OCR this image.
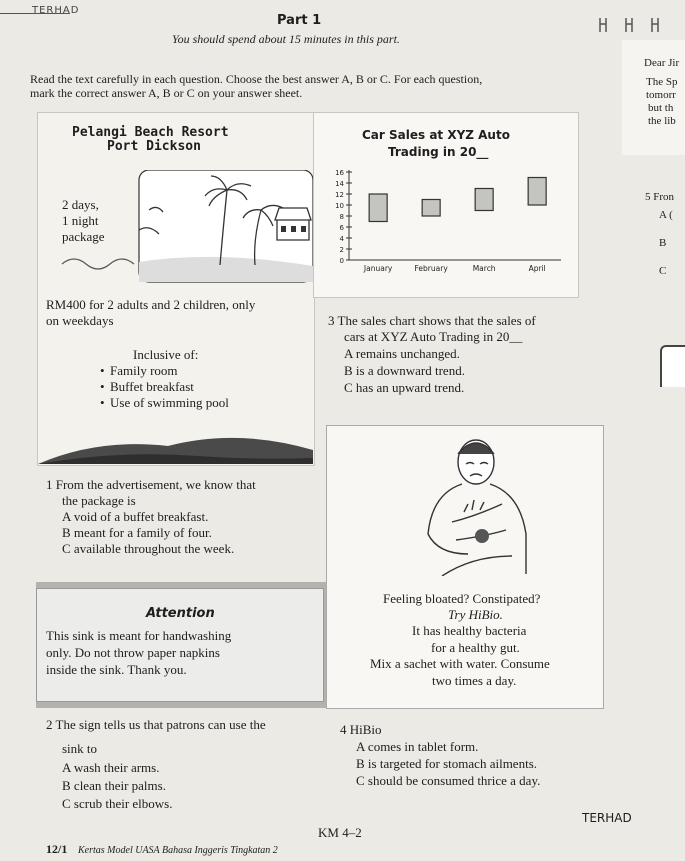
TERHAD
Part 1
You should spend about 15 minutes in this part.
Read the text carefully in each question. Choose the best answer A, B or C. For each question,
mark the correct answer A, B or C on your answer sheet.
Dear Jir
The Sp
tomorr
but th
the lib
5 Fron
A (
B
C
Pelangi Beach Resort
Port Dickson
2 days,
1 night
package
RM400 for 2 adults and 2 children, only
on weekdays
Inclusive of:
• Family room
• Buffet breakfast
• Use of swimming pool
Car Sales at XYZ Auto
Trading in 20__
0
2
4
6
8
10
12
14
16
January	February	March	April
1 From the advertisement, we know that
the package is
A void of a buffet breakfast.
B meant for a family of four.
C available throughout the week.
3 The sales chart shows that the sales of
cars at XYZ Auto Trading in 20__
A remains unchanged.
B is a downward trend.
C has an upward trend.
Feeling bloated? Constipated?
Try HiBio.
It has healthy bacteria
for a healthy gut.
Mix a sachet with water. Consume
two times a day.
Attention
This sink is meant for handwashing
only. Do not throw paper napkins
inside the sink. Thank you.
2 The sign tells us that patrons can use the
sink to
A wash their arms.
B clean their palms.
C scrub their elbows.
4 HiBio
A comes in tablet form.
B is targeted for stomach ailments.
C should be consumed thrice a day.
12/1 Kertas Model UASA Bahasa Inggeris Tingkatan 2
KM 4–2
TERHAD
